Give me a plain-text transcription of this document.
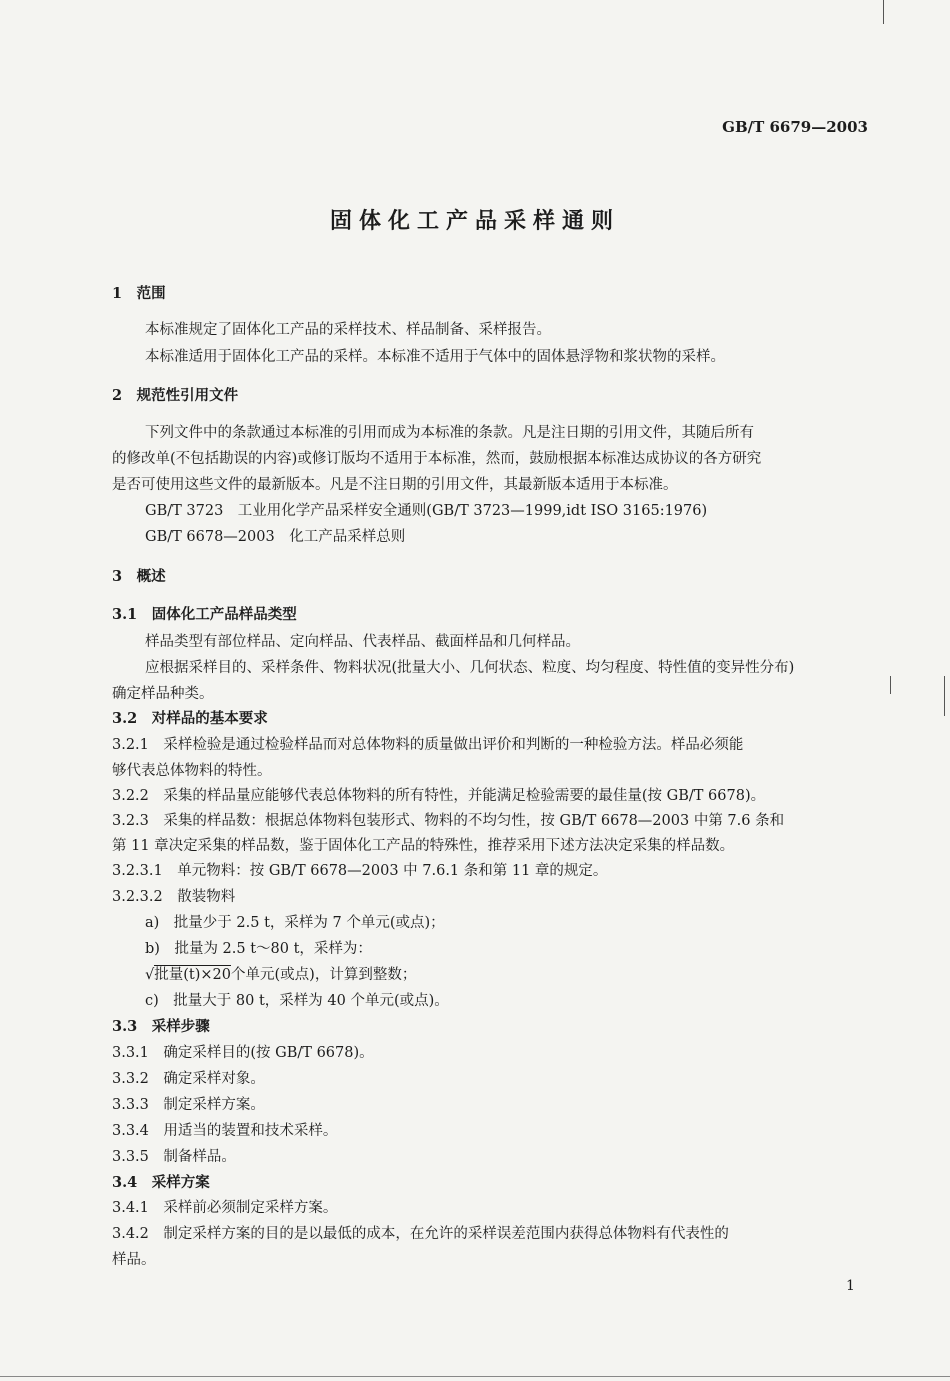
GB/T 6679—2003
固体化工产品采样通则
1　范围
本标准规定了固体化工产品的采样技术、样品制备、采样报告。
本标准适用于固体化工产品的采样。本标准不适用于气体中的固体悬浮物和浆状物的采样。
2　规范性引用文件
下列文件中的条款通过本标准的引用而成为本标准的条款。凡是注日期的引用文件，其随后所有
的修改单(不包括勘误的内容)或修订版均不适用于本标准，然而，鼓励根据本标准达成协议的各方研究
是否可使用这些文件的最新版本。凡是不注日期的引用文件，其最新版本适用于本标准。
GB/T 3723　工业用化学产品采样安全通则(GB/T 3723—1999,idt ISO 3165:1976)
GB/T 6678—2003　化工产品采样总则
3　概述
3.1　固体化工产品样品类型
样品类型有部位样品、定向样品、代表样品、截面样品和几何样品。
应根据采样目的、采样条件、物料状况(批量大小、几何状态、粒度、均匀程度、特性值的变异性分布)
确定样品种类。
3.2　对样品的基本要求
3.2.1　采样检验是通过检验样品而对总体物料的质量做出评价和判断的一种检验方法。样品必须能
够代表总体物料的特性。
3.2.2　采集的样品量应能够代表总体物料的所有特性，并能满足检验需要的最佳量(按 GB/T 6678)。
3.2.3　采集的样品数：根据总体物料包装形式、物料的不均匀性，按 GB/T 6678—2003 中第 7.6 条和
第 11 章决定采集的样品数，鉴于固体化工产品的特殊性，推荐采用下述方法决定采集的样品数。
3.2.3.1　单元物料：按 GB/T 6678—2003 中 7.6.1 条和第 11 章的规定。
3.2.3.2　散装物料
a)　批量少于 2.5 t，采样为 7 个单元(或点)；
b)　批量为 2.5 t～80 t，采样为：
√批量(t)×20个单元(或点)，计算到整数；
c)　批量大于 80 t，采样为 40 个单元(或点)。
3.3　采样步骤
3.3.1　确定采样目的(按 GB/T 6678)。
3.3.2　确定采样对象。
3.3.3　制定采样方案。
3.3.4　用适当的装置和技术采样。
3.3.5　制备样品。
3.4　采样方案
3.4.1　采样前必须制定采样方案。
3.4.2　制定采样方案的目的是以最低的成本，在允许的采样误差范围内获得总体物料有代表性的
样品。
1
